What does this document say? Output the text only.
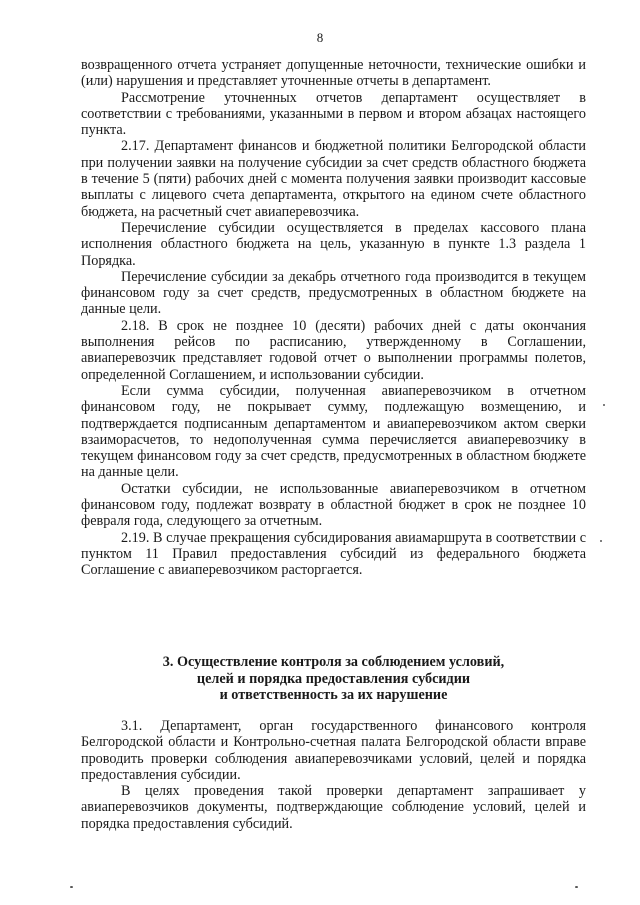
8

возвращенного отчета устраняет допущенные неточности, технические ошибки и (или) нарушения и представляет уточненные отчеты в департамент.

Рассмотрение уточненных отчетов департамент осуществляет в соответствии с требованиями, указанными в первом и втором абзацах настоящего пункта.

2.17. Департамент финансов и бюджетной политики Белгородской области при получении заявки на получение субсидии за счет средств областного бюджета в течение 5 (пяти) рабочих дней с момента получения заявки производит кассовые выплаты с лицевого счета департамента, открытого на едином счете областного бюджета, на расчетный счет авиаперевозчика.

Перечисление субсидии осуществляется в пределах кассового плана исполнения областного бюджета на цель, указанную в пункте 1.3 раздела 1 Порядка.

Перечисление субсидии за декабрь отчетного года производится в текущем финансовом году за счет средств, предусмотренных в областном бюджете на данные цели.

2.18. В срок не позднее 10 (десяти) рабочих дней с даты окончания выполнения рейсов по расписанию, утвержденному в Соглашении, авиаперевозчик представляет годовой отчет о выполнении программы полетов, определенной Соглашением, и использовании субсидии.

Если сумма субсидии, полученная авиаперевозчиком в отчетном финансовом году, не покрывает сумму, подлежащую возмещению, и подтверждается подписанным департаментом и авиаперевозчиком актом сверки взаиморасчетов, то недополученная сумма перечисляется авиаперевозчику в текущем финансовом году за счет средств, предусмотренных в областном бюджете на данные цели.

Остатки субсидии, не использованные авиаперевозчиком в отчетном финансовом году, подлежат возврату в областной бюджет в срок не позднее 10 февраля года, следующего за отчетным.

2.19. В случае прекращения субсидирования авиамаршрута в соответствии с пунктом 11 Правил предоставления субсидий из федерального бюджета Соглашение с авиаперевозчиком расторгается.

3. Осуществление контроля за соблюдением условий,
целей и порядка предоставления субсидии
и ответственность за их нарушение

3.1. Департамент, орган государственного финансового контроля Белгородской области и Контрольно-счетная палата Белгородской области вправе проводить проверки соблюдения авиаперевозчиками условий, целей и порядка предоставления субсидии.

В целях проведения такой проверки департамент запрашивает у авиаперевозчиков документы, подтверждающие соблюдение условий, целей и порядка предоставления субсидий.
